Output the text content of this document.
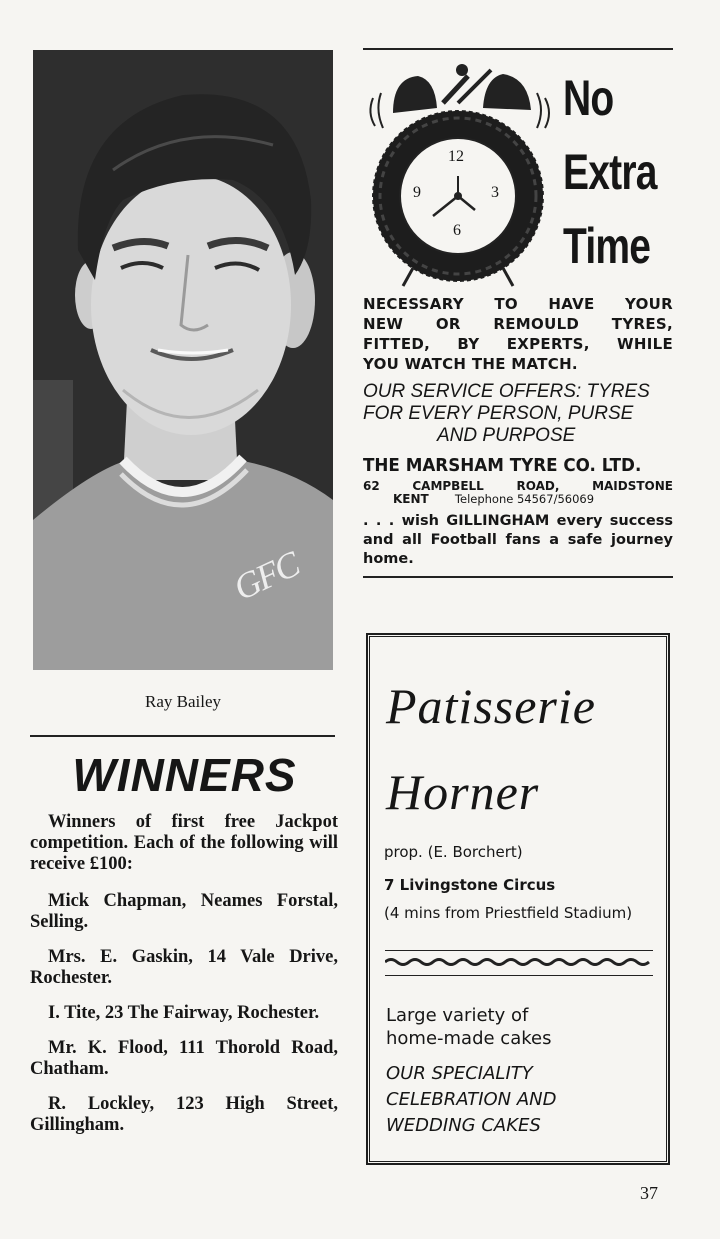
GFC
Ray Bailey
WINNERS

Winners of first free Jackpot competition. Each of the following will receive £100:

Mick Chapman, Neames Forstal, Selling.

Mrs. E. Gaskin, 14 Vale Drive, Rochester.

I. Tite, 23 The Fairway, Rochester.

Mr. K. Flood, 111 Thorold Road, Chatham.

R. Lockley, 123 High Street, Gillingham.

12
3
6
9
No
Extra
Time
NECESSARY TO HAVE YOUR
NEW OR REMOULD TYRES,
FITTED, BY EXPERTS, WHILE
YOU WATCH THE MATCH.
OUR SERVICE OFFERS: TYRES
FOR EVERY PERSON, PURSE
AND PURPOSE
THE MARSHAM TYRE CO. LTD.
62 CAMPBELL ROAD, MAIDSTONE
KENT Telephone 54567/56069
. . . wish GILLINGHAM every success and all Football fans a safe journey home.
Patisserie
Horner
prop. (E. Borchert)
7 Livingstone Circus
(4 mins from Priestfield Stadium)
Large variety of
home-made cakes
OUR SPECIALITY
CELEBRATION AND
WEDDING CAKES
37
